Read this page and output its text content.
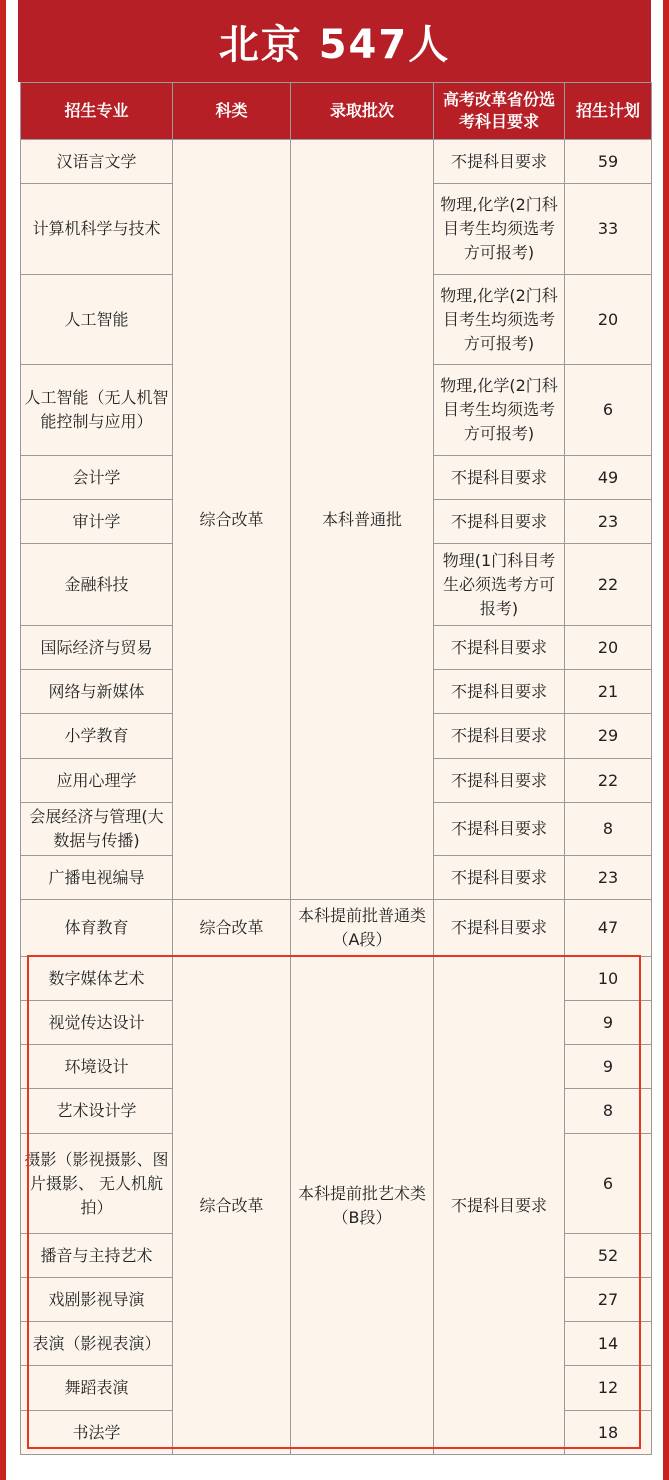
北京 547人
招生专业	科类	录取批次	高考改革省份选考科目要求	招生计划
汉语言文学	综合改革	本科普通批	不提科目要求	59
计算机科学与技术			物理,化学(2门科目考生均须选考方可报考)	33
人工智能			物理,化学(2门科目考生均须选考方可报考)	20
人工智能（无人机智能控制与应用）			物理,化学(2门科目考生均须选考方可报考)	6
会计学			不提科目要求	49
审计学			不提科目要求	23
金融科技			物理(1门科目考生必须选考方可报考)	22
国际经济与贸易			不提科目要求	20
网络与新媒体			不提科目要求	21
小学教育			不提科目要求	29
应用心理学			不提科目要求	22
会展经济与管理(大数据与传播)			不提科目要求	8
广播电视编导			不提科目要求	23
体育教育	综合改革	本科提前批普通类（A段）	不提科目要求	47
数字媒体艺术	综合改革	本科提前批艺术类（B段）	不提科目要求	10
视觉传达设计				9
环境设计				9
艺术设计学				8
摄影（影视摄影、图片摄影、 无人机航拍）				6
播音与主持艺术				52
戏剧影视导演				27
表演（影视表演）				14
舞蹈表演				12
书法学				18
